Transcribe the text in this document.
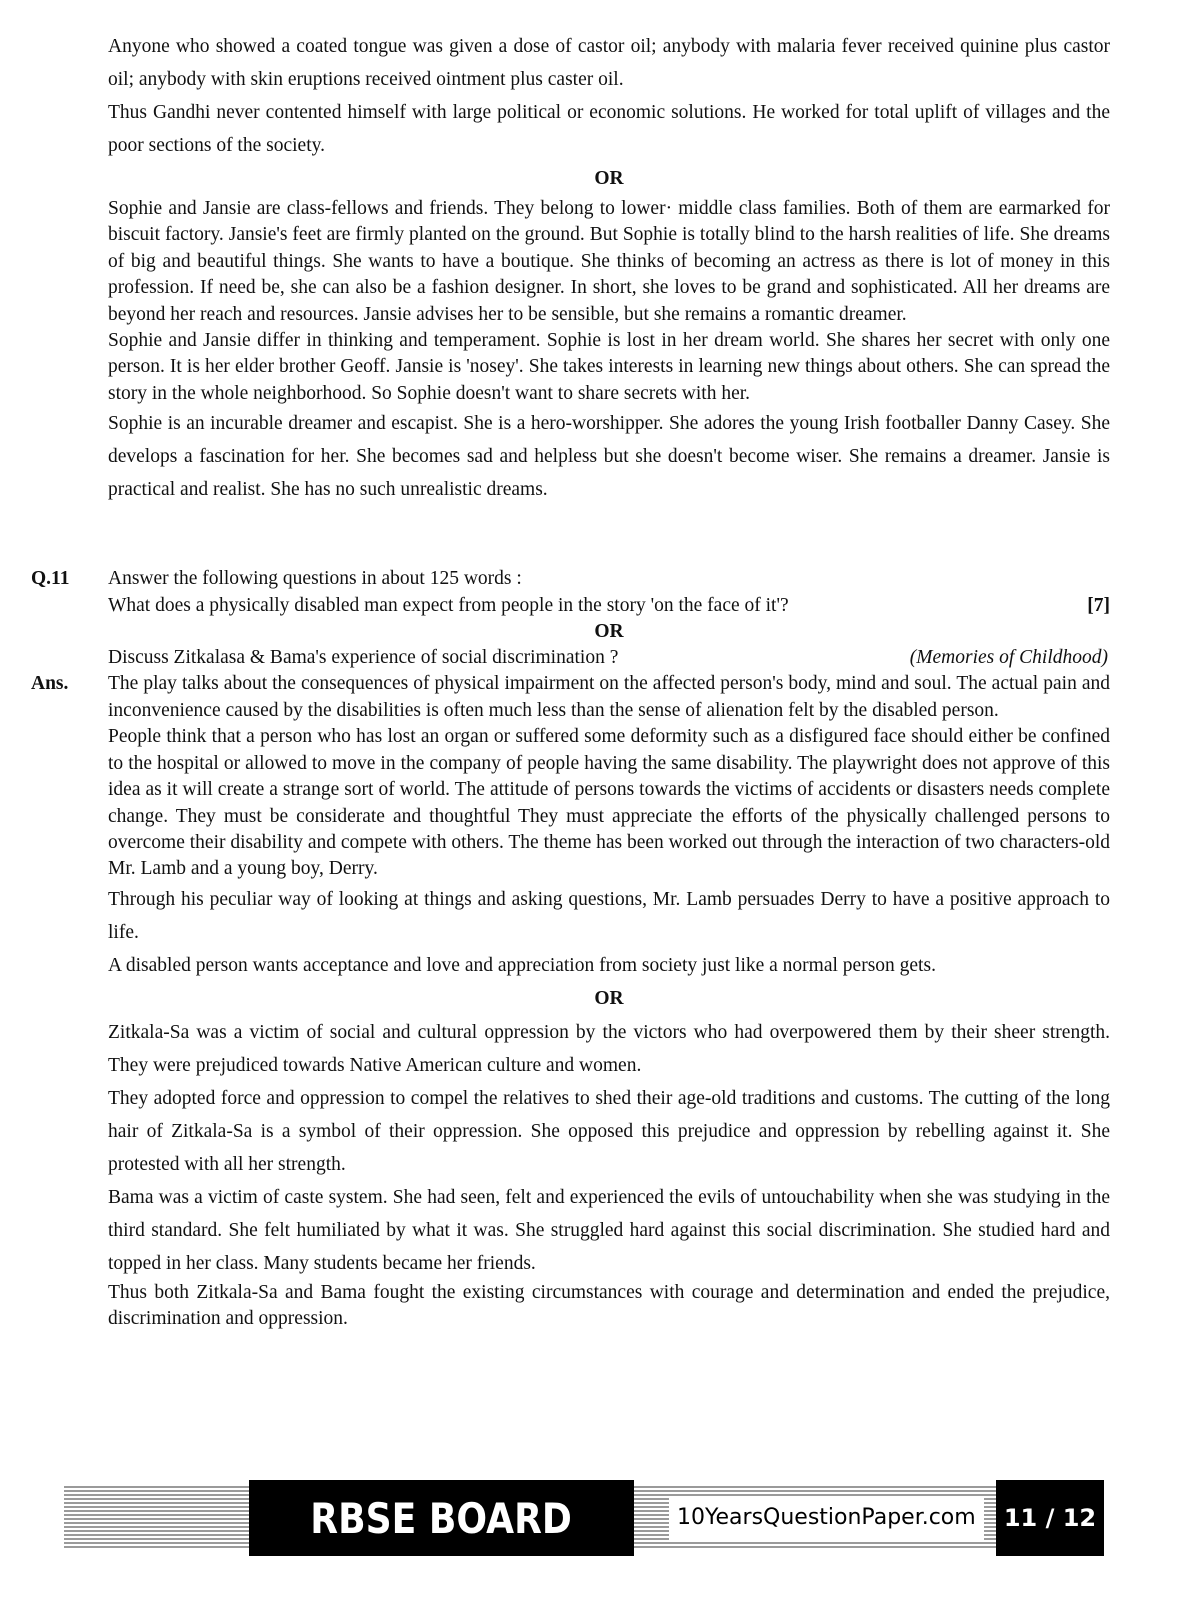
Anyone who showed a coated tongue was given a dose of castor oil; anybody with malaria fever received quinine plus castor oil; anybody with skin eruptions received ointment plus caster oil.
Thus Gandhi never contented himself with large political or economic solutions. He worked for total uplift of villages and the poor sections of the society.
OR
Sophie and Jansie are class-fellows and friends. They belong to lower· middle class families. Both of them are earmarked for biscuit factory. Jansie's feet are firmly planted on the ground. But Sophie is totally blind to the harsh realities of life. She dreams of big and beautiful things. She wants to have a boutique. She thinks of becoming an actress as there is lot of money in this profession. If need be, she can also be a fashion designer. In short, she loves to be grand and sophisticated. All her dreams are beyond her reach and resources. Jansie advises her to be sensible, but she remains a romantic dreamer.
Sophie and Jansie differ in thinking and temperament. Sophie is lost in her dream world. She shares her secret with only one person. It is her elder brother Geoff. Jansie is 'nosey'. She takes interests in learning new things about others. She can spread the story in the whole neighborhood. So Sophie doesn't want to share secrets with her.
Sophie is an incurable dreamer and escapist. She is a hero-worshipper. She adores the young Irish footballer Danny Casey. She develops a fascination for her. She becomes sad and helpless but she doesn't become wiser. She remains a dreamer. Jansie is practical and realist. She has no such unrealistic dreams.
Q.11 Answer the following questions in about 125 words :
[7]
What does a physically disabled man expect from people in the story 'on the face of it'?
OR
(Memories of Childhood)
Discuss Zitkalasa & Bama's experience of social discrimination ?
Ans. The play talks about the consequences of physical impairment on the affected person's body, mind and soul. The actual pain and inconvenience caused by the disabilities is often much less than the sense of alienation felt by the disabled person.
People think that a person who has lost an organ or suffered some deformity such as a disfigured face should either be confined to the hospital or allowed to move in the company of people having the same disability. The playwright does not approve of this idea as it will create a strange sort of world. The attitude of persons towards the victims of accidents or disasters needs complete change. They must be considerate and thoughtful They must appreciate the efforts of the physically challenged persons to overcome their disability and compete with others. The theme has been worked out through the interaction of two characters-old Mr. Lamb and a young boy, Derry.
Through his peculiar way of looking at things and asking questions, Mr. Lamb persuades Derry to have a positive approach to life.
A disabled person wants acceptance and love and appreciation from society just like a normal person gets.
OR
Zitkala-Sa was a victim of social and cultural oppression by the victors who had overpowered them by their sheer strength. They were prejudiced towards Native American culture and women.
They adopted force and oppression to compel the relatives to shed their age-old traditions and customs. The cutting of the long hair of Zitkala-Sa is a symbol of their oppression. She opposed this prejudice and oppression by rebelling against it. She protested with all her strength.
Bama was a victim of caste system. She had seen, felt and experienced the evils of untouchability when she was studying in the third standard. She felt humiliated by what it was. She struggled hard against this social discrimination. She studied hard and topped in her class. Many students became her friends.
Thus both Zitkala-Sa and Bama fought the existing circumstances with courage and determination and ended the prejudice, discrimination and oppression.
RBSE BOARD	10YearsQuestionPaper.com	11 / 12
